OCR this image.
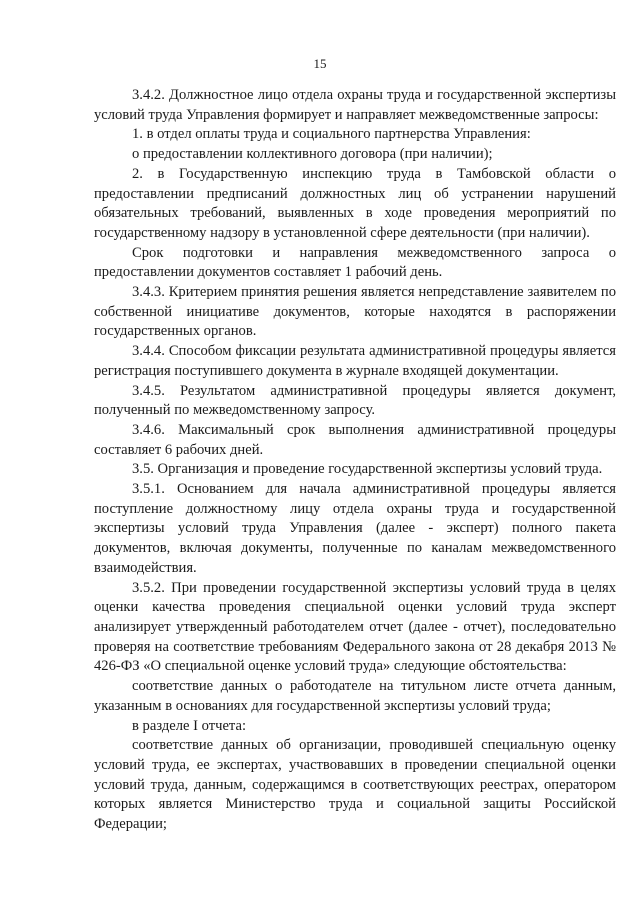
15

3.4.2. Должностное лицо отдела охраны труда и государственной экспертизы условий труда Управления формирует и направляет межведомственные запросы:

1. в отдел оплаты труда и социального партнерства Управления:

о предоставлении коллективного договора (при наличии);

2. в Государственную инспекцию труда в Тамбовской области о предоставлении предписаний должностных лиц об устранении нарушений обязательных требований, выявленных в ходе проведения мероприятий по государственному надзору в установленной сфере деятельности (при наличии).

Срок подготовки и направления межведомственного запроса о предоставлении документов составляет 1 рабочий день.

3.4.3. Критерием принятия решения является непредставление заявителем по собственной инициативе документов, которые находятся в распоряжении государственных органов.

3.4.4. Способом фиксации результата административной процедуры является регистрация поступившего документа в журнале входящей документации.

3.4.5. Результатом административной процедуры является документ, полученный по межведомственному запросу.

3.4.6. Максимальный срок выполнения административной процедуры составляет 6 рабочих дней.

3.5. Организация и проведение государственной экспертизы условий труда.

3.5.1. Основанием для начала административной процедуры является поступление должностному лицу отдела охраны труда и государственной экспертизы условий труда Управления (далее - эксперт) полного пакета документов, включая документы, полученные по каналам межведомственного взаимодействия.

3.5.2. При проведении государственной экспертизы условий труда в целях оценки качества проведения специальной оценки условий труда эксперт анализирует утвержденный работодателем отчет (далее - отчет), последовательно проверяя на соответствие требованиям Федерального закона от 28 декабря 2013 № 426-ФЗ «О специальной оценке условий труда» следующие обстоятельства:

соответствие данных о работодателе на титульном листе отчета данным, указанным в основаниях для государственной экспертизы условий труда;

в разделе I отчета:

соответствие данных об организации, проводившей специальную оценку условий труда, ее экспертах, участвовавших в проведении специальной оценки условий труда, данным, содержащимся в соответствующих реестрах, оператором которых является Министерство труда и социальной защиты Российской Федерации;
